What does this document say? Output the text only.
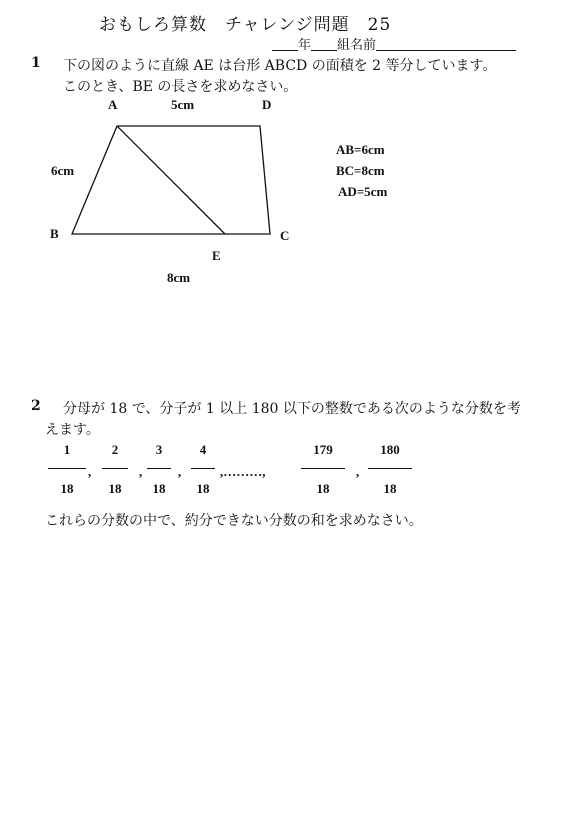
おもしろ算数　チャレンジ問題 25
年 組名前
1 下の図のように直線 AE は台形 ABCD の面積を 2 等分しています。
このとき、BE の長さを求めなさい。
A	D
B	C
E
5cm
6cm
8cm
AB=6cm
BC=8cm
AD=5cm
2 分母が 18 で、分子が 1 以上 180 以下の整数である次のような分数を考
えます。
1
18
,
2
18
,
3
18
,
4
18
,………,
179
18
,
180
18
これらの分数の中で、約分できない分数の和を求めなさい。
